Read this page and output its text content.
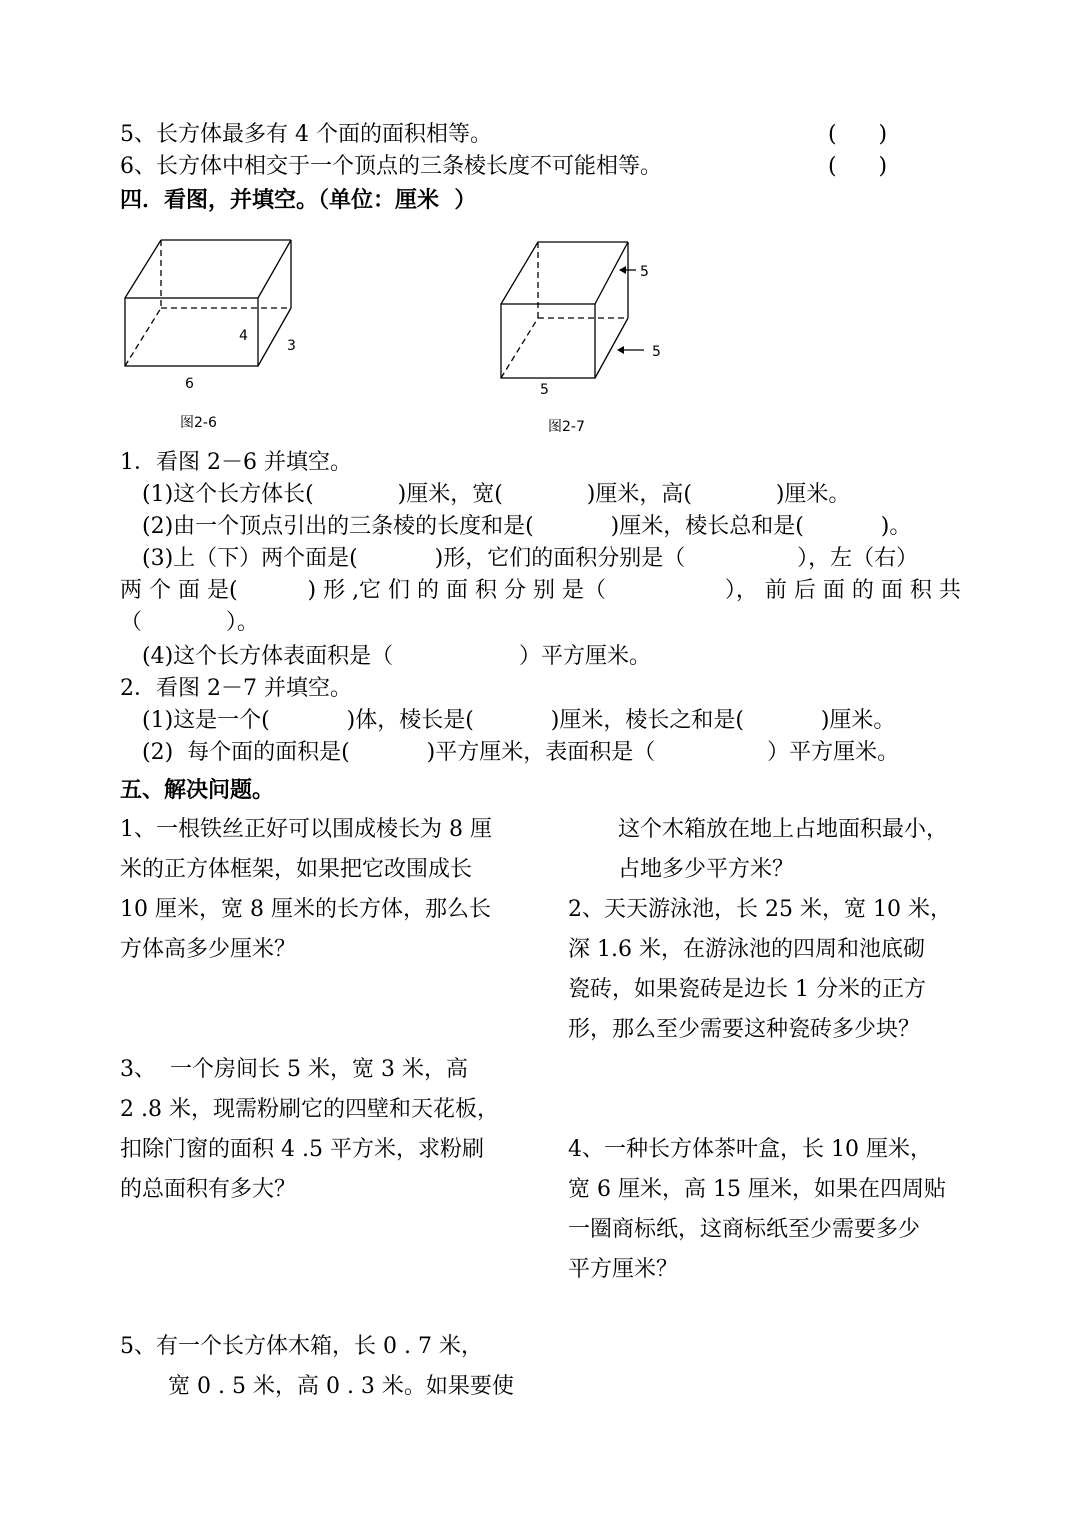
5、长方体最多有 4 个面的面积相等。	(      )
6、长方体中相交于一个顶点的三条棱长度不可能相等。	(      )
四．看图，并填空。（单位：厘米  ）
4
3
6
图2-6
5
5
5
图2-7
1．看图 2－6 并填空。
(1)这个长方体长(            )厘米，宽(            )厘米，高(            )厘米。
(2)由一个顶点引出的三条棱的长度和是(           )厘米，棱长总和是(           )。
(3)上（下）两个面是(           )形，它们的面积分别是（                ），左（右）
两 个 面 是(          ) 形 ,它 们 的 面 积 分 别 是（                 ）， 前 后 面 的 面 积 共
（            ）。
(4)这个长方体表面积是（                  ）平方厘米。
2．看图 2－7 并填空。
(1)这是一个(           )体，棱长是(           )厘米，棱长之和是(           )厘米。
(2)  每个面的面积是(           )平方厘米，表面积是（                ）平方厘米。
五、解决问题。
1、一根铁丝正好可以围成棱长为 8 厘
米的正方体框架，如果把它改围成长
10 厘米，宽 8 厘米的长方体，那么长
方体高多少厘米？
3、  一个房间长 5 米，宽 3 米，高
2 .8 米，现需粉刷它的四壁和天花板，
扣除门窗的面积 4 .5 平方米，求粉刷
的总面积有多大？
5、有一个长方体木箱，长 0 . 7 米，
宽 0 . 5 米，高 0 . 3 米。如果要使
这个木箱放在地上占地面积最小，
占地多少平方米？
2、天天游泳池，长 25 米，宽 10 米，
深 1.6 米，在游泳池的四周和池底砌
瓷砖，如果瓷砖是边长 1 分米的正方
形，那么至少需要这种瓷砖多少块？
4、一种长方体茶叶盒，长 10 厘米，
宽 6 厘米，高 15 厘米，如果在四周贴
一圈商标纸，这商标纸至少需要多少
平方厘米？
